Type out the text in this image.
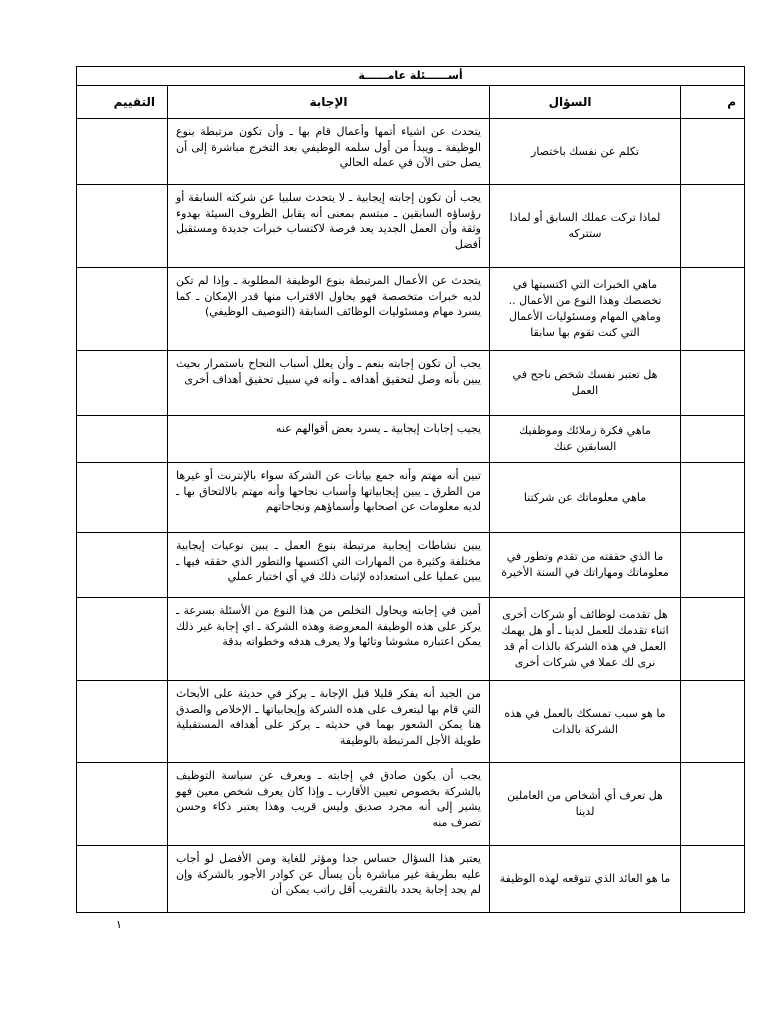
أســــــئلة عامــــــة
م
السؤال
الإجابة
التقييم
تكلم عن نفسك باختصار
يتحدث عن اشياء أتمها وأعمال قام بها ـ وأن تكون مرتبطة بنوع الوظيفة ـ ويبدأ من أول سلمه الوظيفي بعد التخرج مباشرة إلى أن يصل حتى الآن في عمله الحالي
لماذا تركت عملك السابق أو لماذا ستتركه
يجب أن تكون إجابته إيجابية ـ لا يتحدث سلبيا عن شركته السابقة أو رؤساؤه السابقين ـ مبتسم بمعنى أنه يقابل الظروف السيئة بهدوء وثقة وأن العمل الجديد يعد فرصة لاكتساب خبرات جديدة ومستقبل أفضل
ماهي الخبرات التي اكتسبتها في تخصصك وهذا النوع من الأعمال .. وماهي المهام ومسئوليات الأعمال التي كنت تقوم بها سابقا
يتحدث عن الأعمال المرتبطة بنوع الوظيفة المطلوبة ـ وإذا لم تكن لديه خبرات متخصصة فهو يحاول الاقتراب منها قدر الإمكان ـ كما يسرد مهام ومسئوليات الوظائف السابقة (التوصيف الوظيفي)
هل تعتبر نفسك شخص ناجح في العمل
يجب أن تكون إجابته بنعم ـ وأن يعلل أسباب النجاح باستمرار بحيث يبين بأنه وصل لتحقيق أهدافه ـ وأنه في سبيل تحقيق أهداف أخرى
ماهي فكرة زملائك وموظفيك السابقين عنك
يجيب إجابات إيجابية ـ يسرد بعض أقوالهم عنه
ماهي معلوماتك عن شركتنا
تبين أنه مهتم وأنه جمع بيانات عن الشركة سواء بالإنترنت أو غيرها من الطرق ـ يبين إيجابياتها وأسباب نجاحها وأنه مهتم بالالتحاق بها ـ لديه معلومات عن اصحابها وأسماؤهم ونجاحاتهم
ما الذي حققته من تقدم وتطور في معلوماتك ومهاراتك في السنة الأخيرة
يبين نشاطات إيجابية مرتبطة بنوع العمل ـ يبين نوعيات إيجابية مختلفة وكثيرة من المهارات التي اكتسبها والتطور الذي حققه فيها ـ يبين عمليا على استعداده لإثبات ذلك في أي اختبار عملي
هل تقدمت لوظائف أو شركات أخرى اثناء تقدمك للعمل لدينا ـ أو هل يهمك العمل في هذه الشركة بالذات أم قد نرى لك عملا في شركات أخرى
أمين في إجابته ويحاول التخلص من هذا النوع من الأسئلة بسرعة ـ يركز على هذه الوظيفة المعروضة وهذه الشركة ـ اي إجابة غير ذلك يمكن اعتباره مشوشا وتائها ولا يعرف هدفه وخطواته بدقة
ما هو سبب تمسكك بالعمل في هذه الشركة بالذات
من الجيد أنه يفكر قليلا قبل الإجابة ـ يركز في حديثة على الأبحاث التي قام بها ليتعرف على هذه الشركة وإيجابياتها ـ الإخلاص والصدق هنا يمكن الشعور بهما في حديثه ـ يركز على أهدافه المستقبلية طويلة الأجل المرتبطة بالوظيفة
هل تعرف أي أشخاص من العاملين لدينا
يجب أن يكون صادق في إجابته ـ ويعرف عن سياسة التوظيف بالشركة بخصوص تعيين الأقارب ـ وإذا كان يعرف شخص معين فهو يشير إلى أنه مجرد صديق وليس قريب وهذا يعتبر ذكاء وحسن تصرف منه
ما هو العائد الذي تتوقعه لهذه الوظيفة
يعتبر هذا السؤال حساس جدا ومؤثر للغاية ومن الأفضل لو أجاب عليه بطريقة غير مباشرة بأن يسأل عن كوادر الأجور بالشركة وإن لم يجد إجابة يحدد بالتقريب أقل راتب يمكن أن
١
